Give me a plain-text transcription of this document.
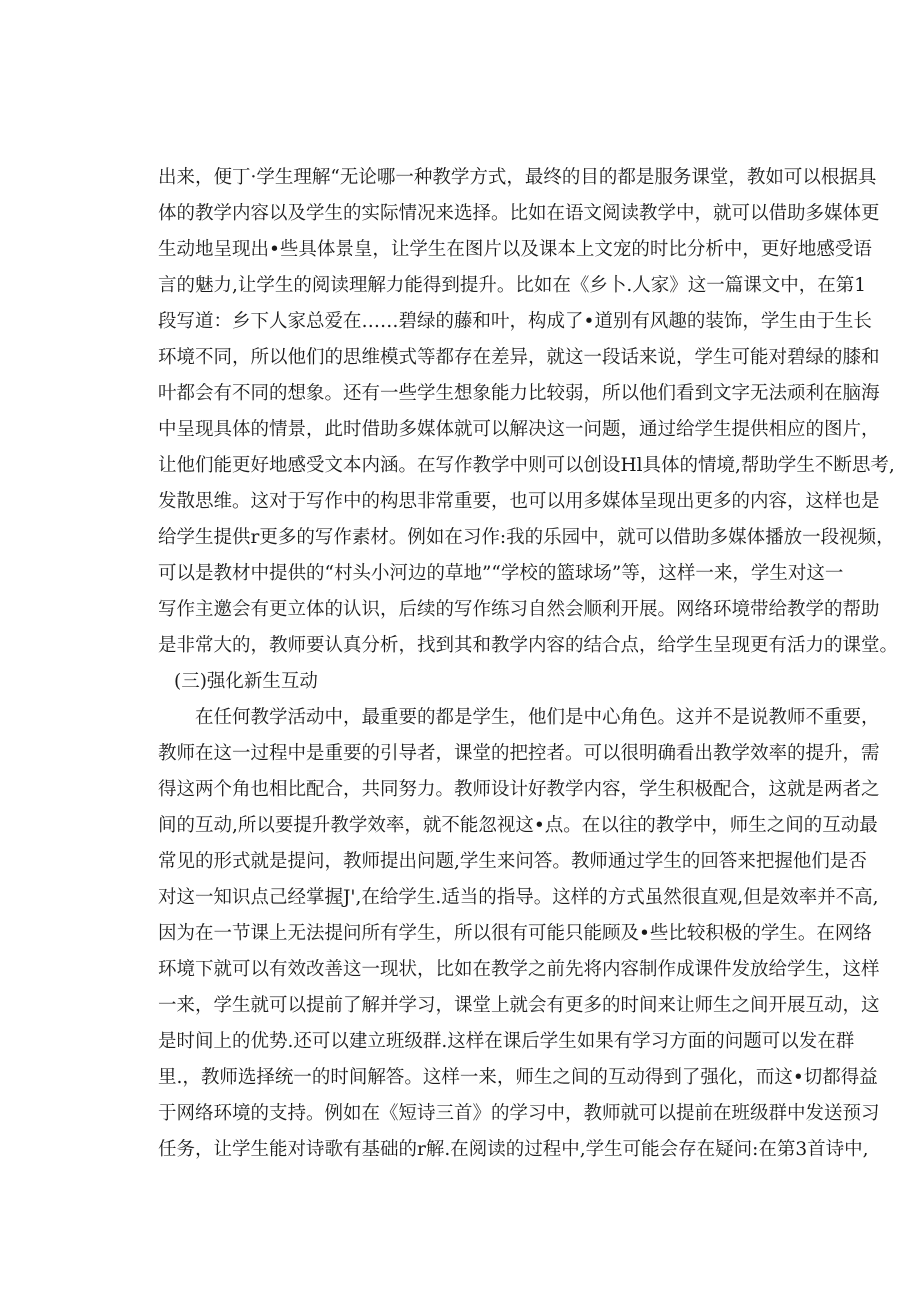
出来，便丁·学生理解“无论哪一种教学方式，最终的目的都是服务课堂，教如可以根据具
体的教学内容以及学生的实际情况来选择。比如在语文阅读教学中，就可以借助多媒体更
生动地呈现出•些具体景皇，让学生在图片以及课本上文宠的时比分析中，更好地感受语
言的魅力,让学生的阅读理解力能得到提升。比如在《乡卜.人家》这一篇课文中，在第1
段写道：乡下人家总爱在……碧绿的藤和叶，构成了•道别有风趣的装饰，学生由于生长
环境不同，所以他们的思维模式等都存在差异，就这一段话来说，学生可能对碧绿的膝和
叶都会有不同的想象。还有一些学生想象能力比较弱，所以他们看到文字无法顽利在脑海
中呈现具体的情景，此时借助多媒体就可以解决这一问题，通过给学生提供相应的图片，
让他们能更好地感受文本内涵。在写作教学中则可以创设Hl具体的情境,帮助学生不断思考,
发散思维。这对于写作中的构思非常重要，也可以用多媒体呈现出更多的内容，这样也是
给学生提供r更多的写作素材。例如在习作:我的乐园中，就可以借助多媒体播放一段视频，
可以是教材中提供的“村头小河边的草地”“学校的篮球场”等，这样一来，学生对这一
写作主邀会有更立体的认识，后续的写作练习自然会顺利开展。网络环境带给教学的帮助
是非常大的，教师要认真分析，找到其和教学内容的结合点，给学生呈现更有活力的课堂。
(三)强化新生互动
在任何教学活动中，最重要的都是学生，他们是中心角色。这并不是说教师不重要，
教师在这一过程中是重要的引导者，课堂的把控者。可以很明确看出教学效率的提升，需
得这两个角也相比配合，共同努力。教师设计好教学内容，学生积极配合，这就是两者之
间的互动,所以要提升教学效率，就不能忽视这•点。在以往的教学中，师生之间的互动最
常见的形式就是提问，教师提出问题,学生来问答。教师通过学生的回答来把握他们是否
对这一知识点己经掌握J',在给学生.适当的指导。这样的方式虽然很直观,但是效率并不高,
因为在一节课上无法提问所有学生，所以很有可能只能顾及•些比较积极的学生。在网络
环境下就可以有效改善这一现状，比如在教学之前先将内容制作成课件发放给学生，这样
一来，学生就可以提前了解并学习，课堂上就会有更多的时间来让师生之间开展互动，这
是时间上的优势.还可以建立班级群.这样在课后学生如果有学习方面的问题可以发在群
里.，教师选择统一的时间解答。这样一来，师生之间的互动得到了强化，而这•切都得益
于网络环境的支持。例如在《短诗三首》的学习中，教师就可以提前在班级群中发送预习
任务，让学生能对诗歌有基础的r解.在阅读的过程中,学生可能会存在疑问:在第3首诗中,
